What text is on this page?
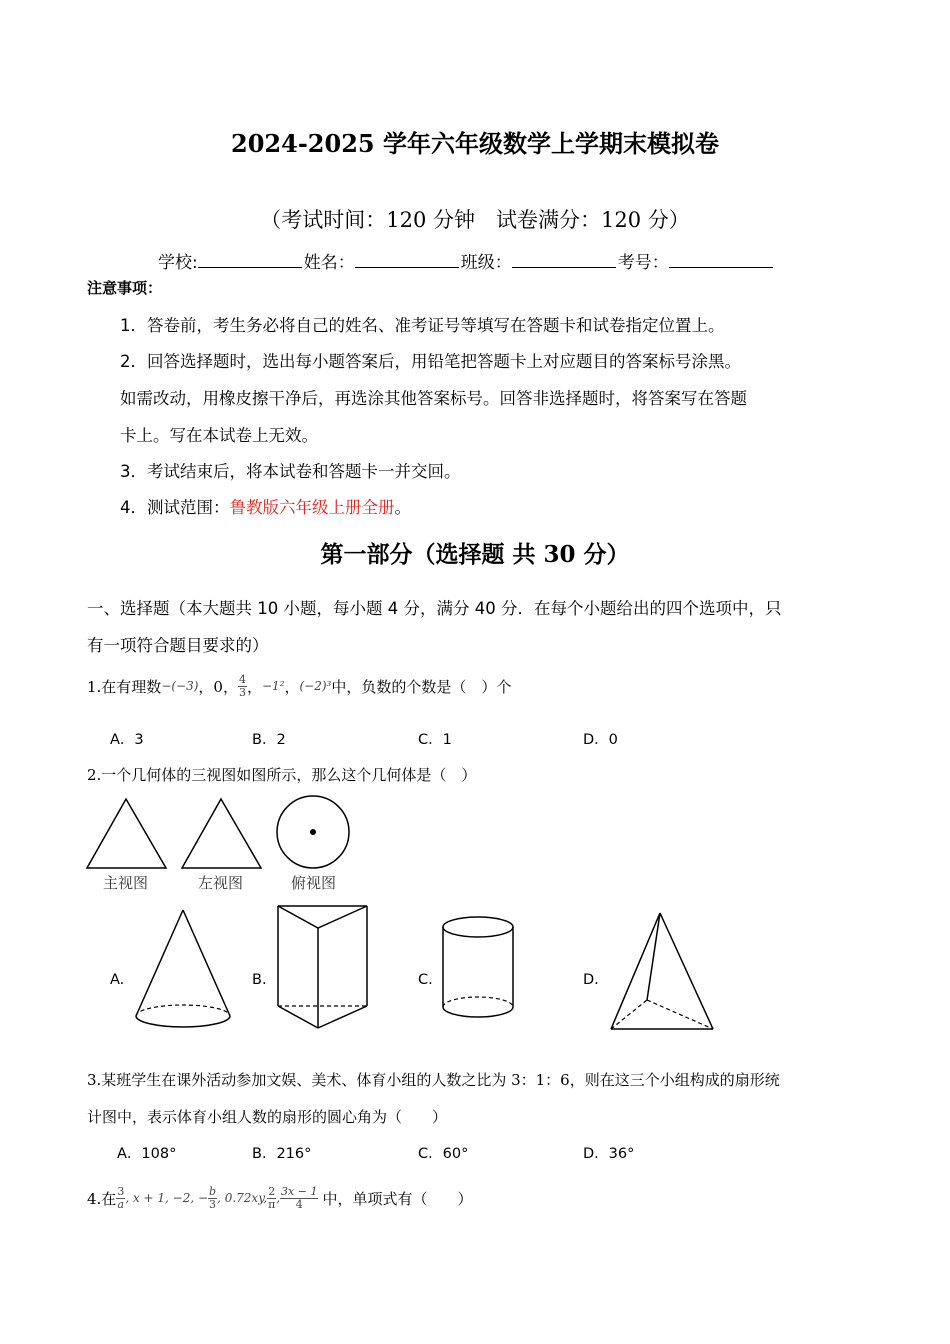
2024-2025 学年六年级数学上学期末模拟卷
（考试时间：120 分钟　试卷满分：120 分）
学校:	姓名：	班级：	考号：
注意事项：
1．答卷前，考生务必将自己的姓名、准考证号等填写在答题卡和试卷指定位置上。
2．回答选择题时，选出每小题答案后，用铅笔把答题卡上对应题目的答案标号涂黑。
如需改动，用橡皮擦干净后，再选涂其他答案标号。回答非选择题时，将答案写在答题
卡上。写在本试卷上无效。
3．考试结束后，将本试卷和答题卡一并交回。
4．测试范围：鲁教版六年级上册全册。
第一部分（选择题 共 30 分）
一、选择题（本大题共 10 小题，每小题 4 分，满分 40 分．在每个小题给出的四个选项中，只
有一项符合题目要求的）
1.在有理数 −(−3) ，0， $\frac{4}{3}$ ， −1² ， (−2)³ 中，负数的个数是（　）个
A．3	B．2	C．1	D．0
2.一个几何体的三视图如图所示，那么这个几何体是（　）
主视图	左视图	俯视图
A.	B.	C.	D.
3.某班学生在课外活动参加文娱、美术、体育小组的人数之比为 3：1：6，则在这三个小组构成的扇形统
计图中，表示体育小组人数的扇形的圆心角为（　　）
A．108°	B．216°	C．60°	D．36°
4.在 $\frac{3}{a}$ , x + 1, −2, − $\frac{b}{3}$ , 0.72xy, $\frac{2}{\pi}$ , $\frac{3x - 1}{4}$ 中，单项式有（　　）
